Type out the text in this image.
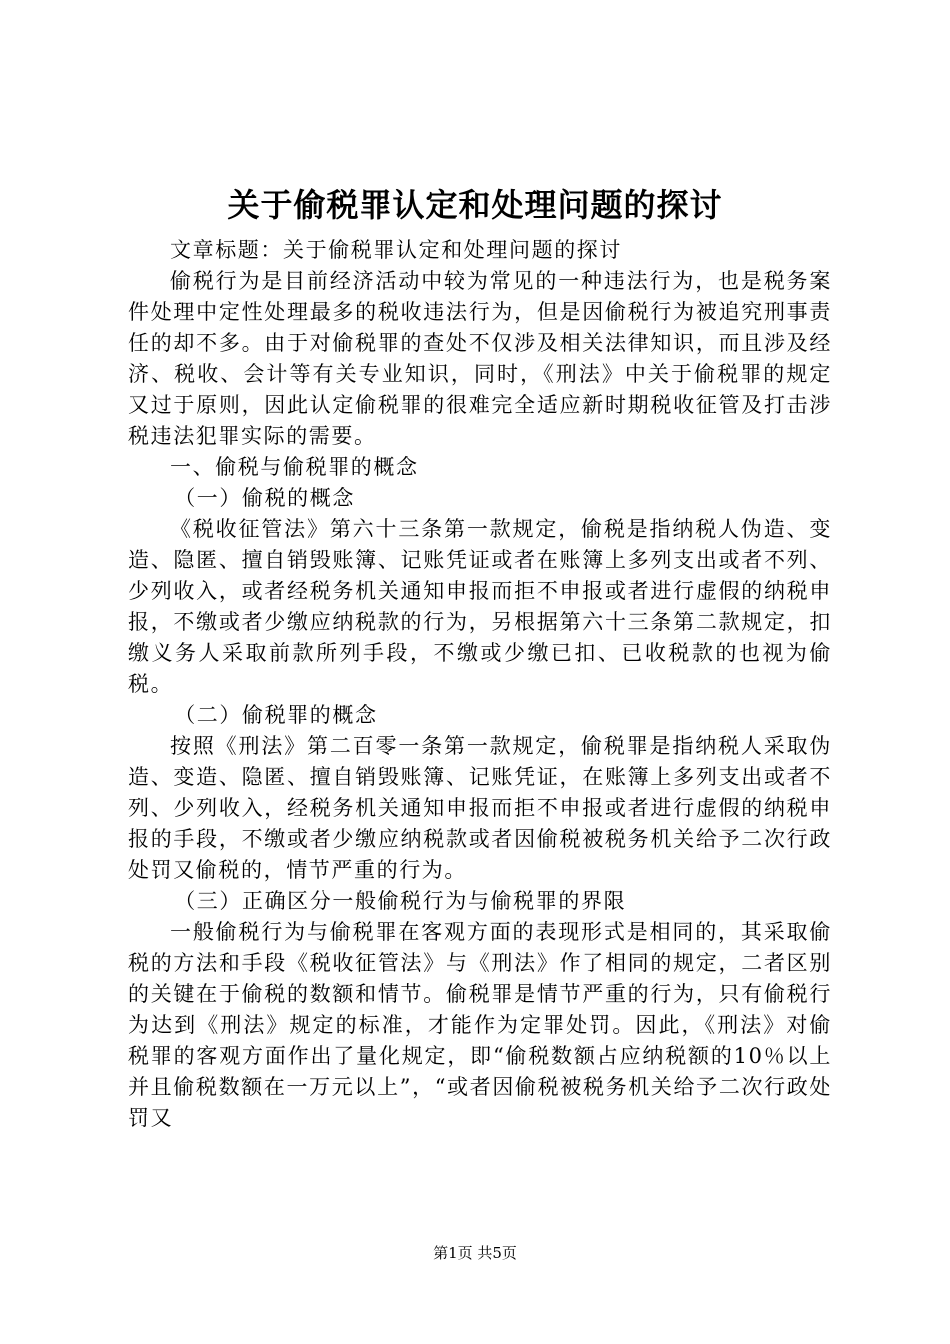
关于偷税罪认定和处理问题的探讨

文章标题：关于偷税罪认定和处理问题的探讨

偷税行为是目前经济活动中较为常见的一种违法行为，也是税务案件处理中定性处理最多的税收违法行为，但是因偷税行为被追究刑事责任的却不多。由于对偷税罪的查处不仅涉及相关法律知识，而且涉及经济、税收、会计等有关专业知识，同时，《刑法》中关于偷税罪的规定又过于原则，因此认定偷税罪的很难完全适应新时期税收征管及打击涉税违法犯罪实际的需要。

一、偷税与偷税罪的概念

（一）偷税的概念

《税收征管法》第六十三条第一款规定，偷税是指纳税人伪造、变造、隐匿、擅自销毁账簿、记账凭证或者在账簿上多列支出或者不列、少列收入，或者经税务机关通知申报而拒不申报或者进行虚假的纳税申报，不缴或者少缴应纳税款的行为，另根据第六十三条第二款规定，扣缴义务人采取前款所列手段，不缴或少缴已扣、已收税款的也视为偷税。

（二）偷税罪的概念

按照《刑法》第二百零一条第一款规定，偷税罪是指纳税人采取伪造、变造、隐匿、擅自销毁账簿、记账凭证，在账簿上多列支出或者不列、少列收入，经税务机关通知申报而拒不申报或者进行虚假的纳税申报的手段，不缴或者少缴应纳税款或者因偷税被税务机关给予二次行政处罚又偷税的，情节严重的行为。

（三）正确区分一般偷税行为与偷税罪的界限

一般偷税行为与偷税罪在客观方面的表现形式是相同的，其采取偷税的方法和手段《税收征管法》与《刑法》作了相同的规定，二者区别的关键在于偷税的数额和情节。偷税罪是情节严重的行为，只有偷税行为达到《刑法》规定的标准，才能作为定罪处罚。因此，《刑法》对偷税罪的客观方面作出了量化规定，即“偷税数额占应纳税额的10％以上并且偷税数额在一万元以上”，“或者因偷税被税务机关给予二次行政处罚又

第1页 共5页
